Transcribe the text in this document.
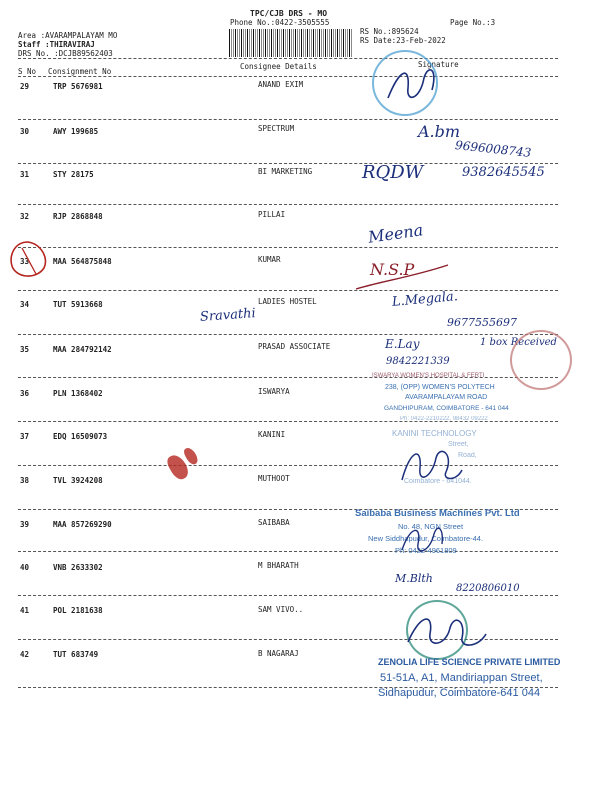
TPC/CJB DRS - MO
Phone No.:0422-3505555
Area :AVARAMPALAYAM MO
Staff :THIRAVIRAJ
DRS No. :DCJB89562403
RS No.:895624
RS Date:23-Feb-2022
Page No.:3
S No Consignment No
Consignee Details	Signature
29	TRP 5676981	ANAND EXIM
30	AWY 199685	SPECTRUM
31	STY 28175	BI MARKETING
32	RJP 2868848	PILLAI
33	MAA 564875848	KUMAR
34	TUT 5913668	LADIES HOSTEL
35	MAA 284792142	PRASAD ASSOCIATE
36	PLN 1368402	ISWARYA
37	EDQ 16509073	KANINI
38	TVL 3924208	MUTHOOT
39	MAA 857269290	SAIBABA
40	VNB 2633302	M BHARATH
41	POL 2181638	SAM VIVO..
42	TUT 683749	B NAGARAJ
A.bm
9696008743
RQDW	9382645545
Meena
N.S.P
Sravathi
L.Megala.
9677555697
E.Lay	1 box Received
9842221339
M.Blth
8220806010
ISWARYA WOMEN'S HOSPITAL & FERTI
238, (OPP) WOMEN'S POLYTECH
AVARAMPALAYAM ROAD
GANDHIPURAM, COIMBATORE - 641 044
Ph: 0422-2210222, 98432 09222
KANINI TECHNOLOGY
Street,
Road,
Coimbatore - 641044.
Saibaba Business Machines Pvt. Ltd
No. 48, NGN Street
New Siddhapudur, Coimbatore-44.
Ph: 0422-4961809
ZENOLIA LIFE SCIENCE PRIVATE LIMITED
51-51A, A1, Mandiriappan Street,
Sidhapudur, Coimbatore-641 044
